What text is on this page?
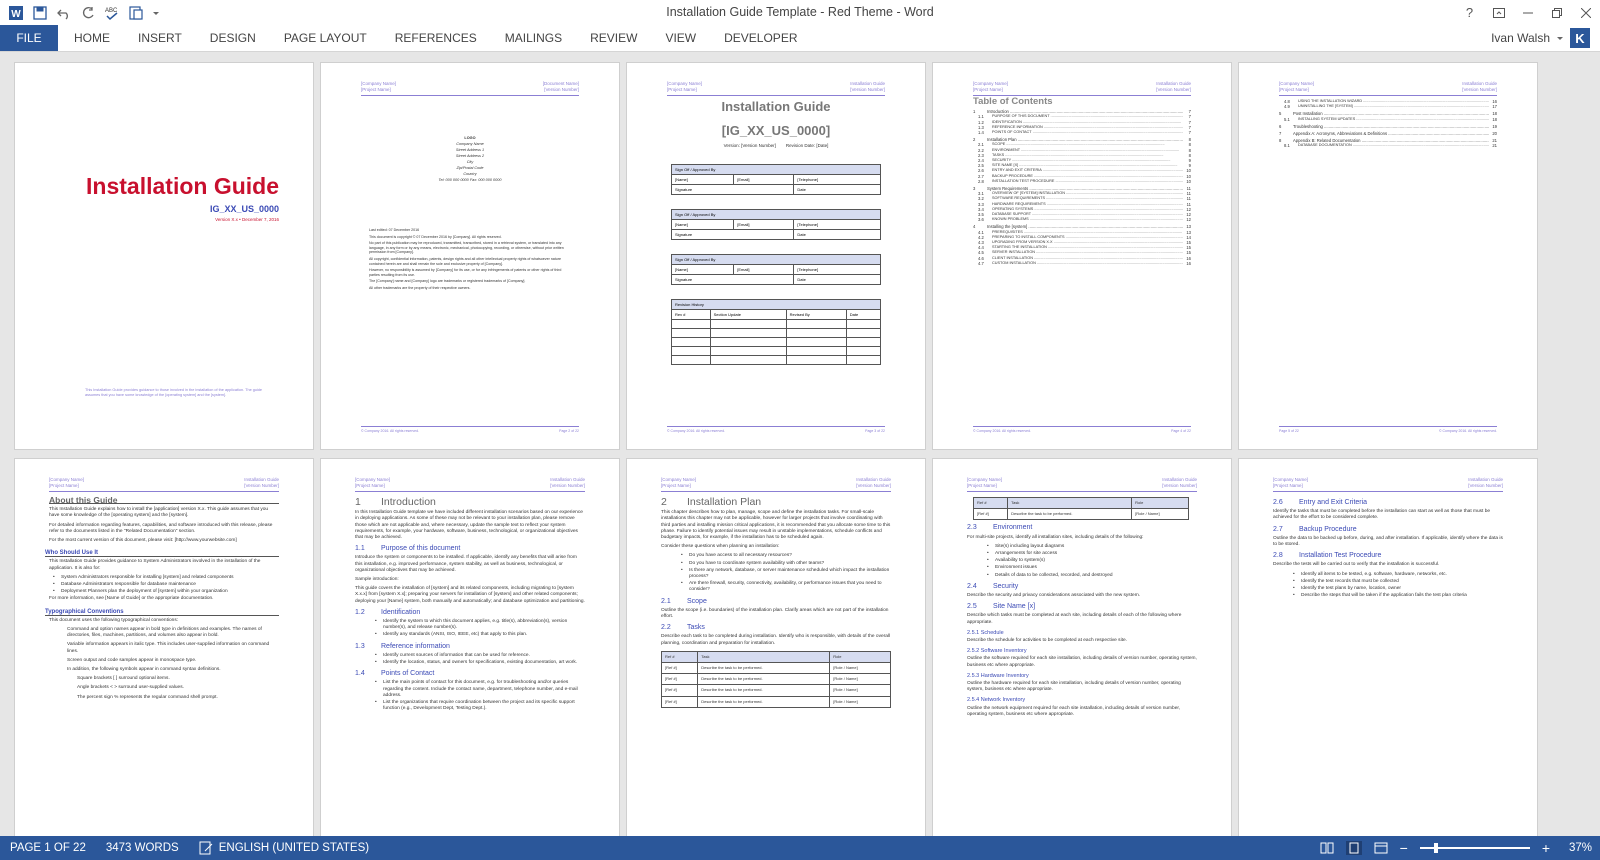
W	ABC	Installation Guide Template - Red Theme - Word	?
FILE	HOME	INSERT	DESIGN	PAGE LAYOUT	REFERENCES	MAILINGS	REVIEW	VIEW	DEVELOPER	Ivan Walsh	K
Installation Guide
IG_XX_US_0000
Version X.x • December 7, 2016
This Installation Guide provides guidance to those involved in the installation of the application. The guide assumes that you have some knowledge of the [operating system] and the [system].
[Company Name]
[Project Name]
[Document Name]
[Version Number]
LOGO
Company Name
Street Address 1
Street Address 2
City
Zip/Postal Code
Country
Tel: 000 000 0000 Fax: 000 000 0000
Last edited: 07 December 2016
This document is copyright © 07 December 2016 by [Company]. All rights reserved.
No part of this publication may be reproduced, transmitted, transcribed, stored in a retrieval system, or translated into any language, in any form or by any means, electronic, mechanical, photocopying, recording, or otherwise, without prior written permission from [Company].
All copyright, confidential information, patents, design rights and all other intellectual property rights of whatsoever nature contained herein are and shall remain the sole and exclusive property of [Company].
However, no responsibility is assumed by [Company] for its use, or for any infringements of patents or other rights of third parties resulting from its use.
The [Company] name and [Company] logo are trademarks or registered trademarks of [Company].
All other trademarks are the property of their respective owners.
© Company 2016. All rights reserved.	Page 2 of 22
[Company Name]
[Project Name]
Installation Guide
[Version Number]
Installation Guide
[IG_XX_US_0000]
Version: [Version Number] Revision Date: [Date]
Sign Off / Approved By		
[Name]	[Email]	[Telephone]
Signature		Date
Sign Off / Approved By		
[Name]	[Email]	[Telephone]
Signature		Date
Sign Off / Approved By		
[Name]	[Email]	[Telephone]
Signature		Date
Revision History			
Rev #	Section Update	Revised By	Date

© Company 2016. All rights reserved.	Page 3 of 22
[Company Name]
[Project Name]
Installation Guide
[Version Number]
Table of Contents
1	Introduction .....	7
1.1	PURPOSE OF THIS DOCUMENT .....	7
1.2	IDENTIFICATION .....	7
1.3	REFERENCE INFORMATION .....	7
1.4	POINTS OF CONTACT .....	7
2	Installation Plan .....	8
2.1	SCOPE .....	8
2.2	ENVIRONMENT .....	8
2.3	TASKS .....	8
2.4	SECURITY .....	9
2.5	SITE NAME [X] .....	9
2.6	ENTRY AND EXIT CRITERIA .....	10
2.7	BACKUP PROCEDURE .....	10
2.8	INSTALLATION TEST PROCEDURE .....	10
3	System Requirements .....	11
3.1	OVERVIEW OF [SYSTEM] INSTALLATION .....	11
3.2	SOFTWARE REQUIREMENTS .....	11
3.3	HARDWARE REQUIREMENTS .....	11
3.4	OPERATING SYSTEMS .....	12
3.5	DATABASE SUPPORT .....	12
3.6	KNOWN PROBLEMS .....	12
4	Installing the [system] .....	13
4.1	PREREQUISITES .....	13
4.2	PREPARING TO INSTALL COMPONENTS .....	14
4.3	UPGRADING FROM VERSION X.X .....	15
4.4	STARTING THE INSTALLATION .....	15
4.5	SERVER INSTALLATION .....	15
4.6	CLIENT INSTALLATION .....	16
4.7	CUSTOM INSTALLATION .....	16
© Company 2016. All rights reserved.	Page 4 of 22
[Company Name]
[Project Name]
Installation Guide
[Version Number]
4.8	USING THE INSTALLATION WIZARD .....	16
4.9	UNINSTALLING THE [SYSTEM] .....	17
5	Post Installation .....	18
5.1	INSTALLING SYSTEM UPDATES .....	18
6	Troubleshooting .....	19
7	Appendix A: Acronyms, Abbreviations & Definitions .....	20
8	Appendix B: Related Documentation .....	21
8.1	DATABASE DOCUMENTATION .....	21
Page 5 of 22	© Company 2016. All rights reserved.
[Company Name]
[Project Name]
Installation Guide
[Version Number]
About this Guide
This Installation Guide explains how to install the [application] version X.x. This guide assumes that you have some knowledge of the [operating system] and the [system].
For detailed information regarding features, capabilities, and software introduced with this release, please refer to the documents listed in the "Related Documentation" section.
For the most current version of this document, please visit: [http://www.yourwebsite.com]
Who Should Use It
This Installation Guide provides guidance to System Administrators involved in the installation of the application. It is also for:
• System Administrators responsible for installing [system] and related components
• Database Administrators responsible for database maintenance
• Deployment Planners plan the deployment of [system] within your organization
For more information, see [Name of Guide] or the appropriate documentation.
Typographical Conventions
This document uses the following typographical conventions:
Command and option names appear in bold type in definitions and examples. The names of directories, files, machines, partitions, and volumes also appear in bold.
Variable information appears in italic type. This includes user-supplied information on command lines.
Screen output and code samples appear in monospace type.
In addition, the following symbols appear in command syntax definitions.
Square brackets [ ] surround optional items.
Angle brackets < > surround user-supplied values.
The percent sign % represents the regular command shell prompt.
[Company Name]
[Project Name]
Installation Guide
[Version Number]
1 Introduction
In this Installation Guide template we have included different installation scenarios based on our experience in deploying applications. As some of these may not be relevant to your installation plan, please remove those which are not applicable and, where necessary, update the sample text to reflect your system requirements, for example, your hardware, software, business, technological, or organizational objectives that may be achieved.
1.1 Purpose of this document
Introduce the system or components to be installed. If applicable, identify any benefits that will arise from this installation, e.g. improved performance, system stability, as well as business, technological, or organizational objectives that may be achieved.
Sample introduction:
This guide covers the installation of [system] and its related components, including migrating to [system X.x.x] from [system X.x]; preparing your servers for installation of [system] and other related components; deploying your [Name] system, both manually and automatically; and database optimization and partitioning.
1.2 Identification
• Identify the system to which this document applies, e.g. title(s), abbreviation(s), version number(s), and release number(s).
• Identify any standards (ANSI, ISO, IEEE, etc) that apply to this plan.
1.3 Reference information
• Identify current sources of information that can be used for reference.
• Identify the location, status, and owners for specifications, existing documentation, art work.
1.4 Points of Contact
• List the main points of contact for this document, e.g. for troubleshooting and/or queries regarding the content. Include the contact name, department, telephone number, and e-mail address.
• List the organizations that require coordination between the project and its specific support function (e.g., Development Dept, Testing Dept.).
[Company Name]
[Project Name]
Installation Guide
[Version Number]
2 Installation Plan
This chapter describes how to plan, manage, scope and define the installation tasks. For small-scale installations this chapter may not be applicable, however for larger projects that involve coordinating with third parties and installing mission critical applications, it is recommended that you allocate some time to this phase. Failure to identify potential issues may result in unstable implementations, schedule conflicts and budgetary impacts, for example, if the installation has to be scheduled again.
Consider these questions when planning an installation:
• Do you have access to all necessary resources?
• Do you have to coordinate system availability with other teams?
• Is there any network, database, or server maintenance scheduled which impact the installation process?
• Are there firewall, security, connectivity, availability, or performance issues that you need to consider?
2.1 Scope
Outline the scope (i.e. boundaries) of the installation plan. Clarify areas which are not part of the installation effort.
2.2 Tasks
Describe each task to be completed during installation. Identify who is responsible, with details of the overall planning, coordination and preparation for installation.
Ref #	Task	Role
[Ref #]	Describe the task to be performed.	[Role / Name]
[Ref #]	Describe the task to be performed.	[Role / Name]
[Ref #]	Describe the task to be performed.	[Role / Name]
[Ref #]	Describe the task to be performed.	[Role / Name]
[Company Name]
[Project Name]
Installation Guide
[Version Number]
Ref #	Task	Role
[Ref #]	Describe the task to be performed.	[Role / Name]
2.3 Environment
For multi-site projects, identify all installation sites, including details of the following:
• Site(s) including layout diagrams
• Arrangements for site access
• Availability to system(s)
• Environment issues
• Details of data to be collected, recorded, and destroyed
2.4 Security
Describe the security and privacy considerations associated with the new system.
2.5 Site Name [x]
Describe which tasks must be completed at each site, including details of each of the following where appropriate.
2.5.1 Schedule
Describe the schedule for activities to be completed at each respective site.
2.5.2 Software Inventory
Outline the software required for each site installation, including details of version number, operating system, business etc where appropriate.
2.5.3 Hardware Inventory
Outline the hardware required for each site installation, including details of version number, operating system, business etc where appropriate.
2.5.4 Network Inventory
Outline the network equipment required for each site installation, including details of version number, operating system, business etc where appropriate.
[Company Name]
[Project Name]
Installation Guide
[Version Number]
2.6 Entry and Exit Criteria
Identify the tasks that must be completed before the installation can start as well as those that must be achieved for the effort to be considered complete.
2.7 Backup Procedure
Outline the data to be backed up before, during, and after installation. If applicable, identify where the data is to be stored.
2.8 Installation Test Procedure
Describe the tests will be carried out to verify that the installation is successful.
• Identify all items to be tested, e.g. software, hardware, networks, etc.
• Identify the test records that must be collected
• Identify the test plans by name, location, owner
• Describe the steps that will be taken if the application fails the test plan criteria
PAGE 1 OF 22	3473 WORDS	ENGLISH (UNITED STATES)	−	+	37%
